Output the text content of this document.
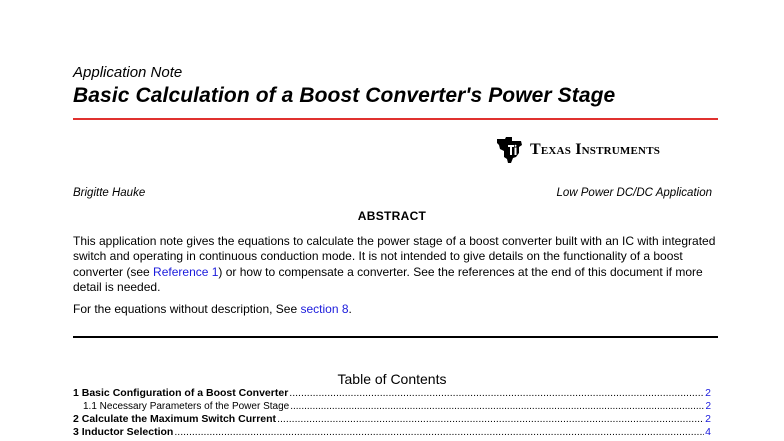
Application Note
Basic Calculation of a Boost Converter's Power Stage
Texas Instruments
Brigitte Hauke	Low Power DC/DC Application
ABSTRACT
This application note gives the equations to calculate the power stage of a boost converter built with an IC with integrated switch and operating in continuous conduction mode. It is not intended to give details on the functionality of a boost converter (see Reference 1) or how to compensate a converter. See the references at the end of this document if more detail is needed.
For the equations without description, See section 8.
Table of Contents
1 Basic Configuration of a Boost Converter .....	2
1.1 Necessary Parameters of the Power Stage .....	2
2 Calculate the Maximum Switch Current .....	2
3 Inductor Selection .....	4
